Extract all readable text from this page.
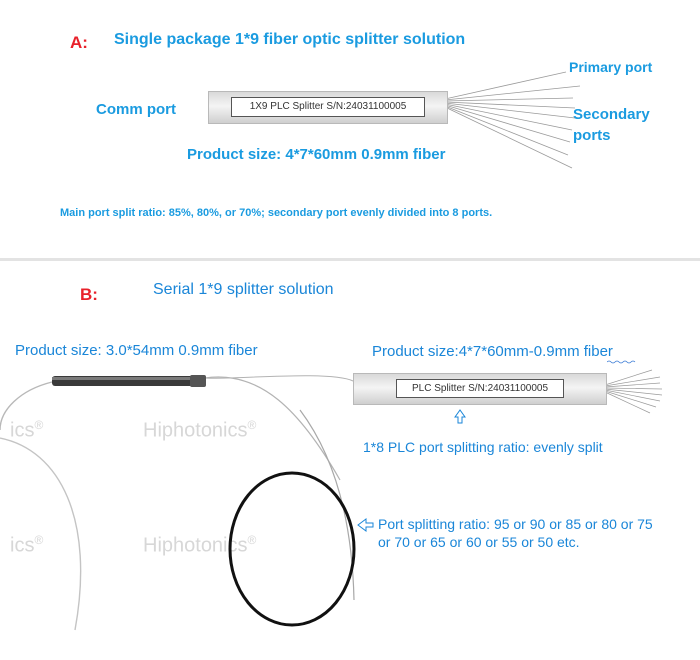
A: Single package 1*9 fiber optic splitter solution
Primary port
Comm port	Secondary
ports
1X9 PLC Splitter S/N:24031100005
Product size: 4*7*60mm 0.9mm fiber
Main port split ratio: 85%, 80%, or 70%; secondary port evenly divided into 8 ports.
B:	Serial 1*9 splitter solution
Product size: 3.0*54mm 0.9mm fiber	Product size:4*7*60mm-0.9mm fiber
ics®	Hiphotonics®
ics®	Hiphotonics®
PLC Splitter S/N:24031100005
1*8 PLC port splitting ratio: evenly split
Port splitting ratio: 95 or 90 or 85 or 80 or 75
or 70 or 65 or 60 or 55 or 50 etc.
